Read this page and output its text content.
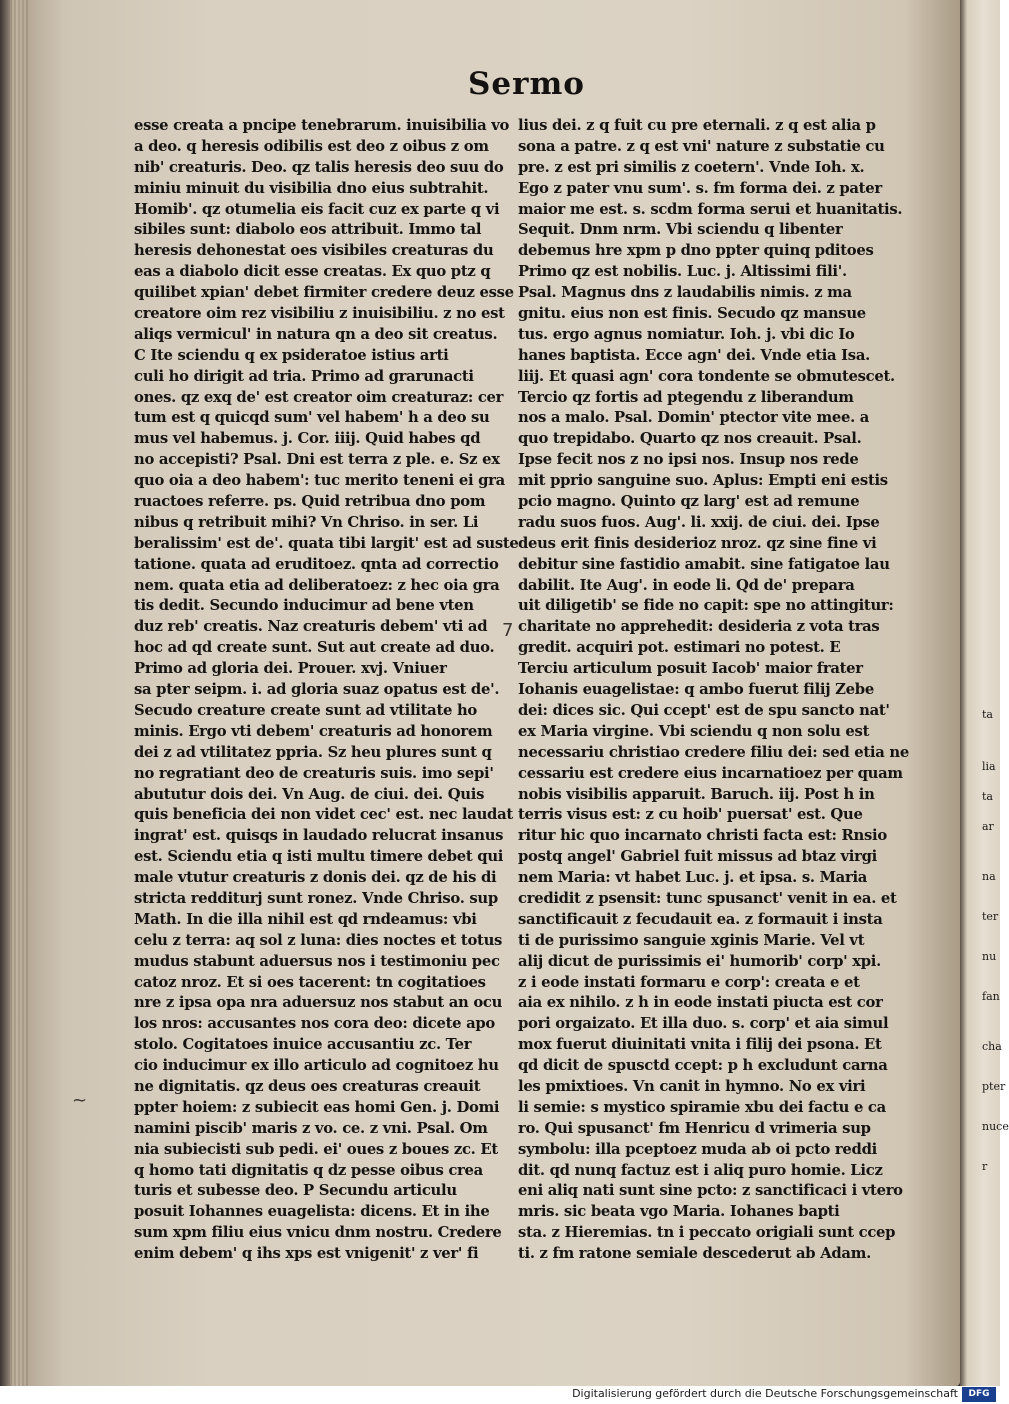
ta
lia
ta
ar
na
ter
nu
fan
cha
pter
nuce
r
Sermo
esse creata a pncipe tenebrarum. inuisibilia vo
a deo. q heresis odibilis est deo z oibus z om
nib' creaturis. Deo. qz talis heresis deo suu do
miniu minuit du visibilia dno eius subtrahit.
Homib'. qz otumelia eis facit cuz ex parte q vi
sibiles sunt: diabolo eos attribuit. Immo tal
heresis dehonestat oes visibiles creaturas du
eas a diabolo dicit esse creatas. Ex quo ptz q
quilibet xpian' debet firmiter credere deuz esse
creatore oim rez visibiliu z inuisibiliu. z no est
aliqs vermicul' in natura qn a deo sit creatus.
C Ite sciendu q ex psideratoe istius arti
culi ho dirigit ad tria. Primo ad grarunacti
ones. qz exq de' est creator oim creaturaz: cer
tum est q quicqd sum' vel habem' h a deo su
mus vel habemus. j. Cor. iiij. Quid habes qd
no accepisti? Psal. Dni est terra z ple. e. Sz ex
quo oia a deo habem': tuc merito teneni ei gra
ruactoes referre. ps. Quid retribua dno pom
nibus q retribuit mihi? Vn Chriso. in ser. Li
beralissim' est de'. quata tibi largit' est ad suste
tatione. quata ad eruditoez. qnta ad correctio
nem. quata etia ad deliberatoez: z hec oia gra
tis dedit. Secundo inducimur ad bene vten
duz reb' creatis. Naz creaturis debem' vti ad
hoc ad qd create sunt. Sut aut create ad duo.
Primo ad gloria dei. Prouer. xvj. Vniuer
sa pter seipm. i. ad gloria suaz opatus est de'.
Secudo creature create sunt ad vtilitate ho
minis. Ergo vti debem' creaturis ad honorem
dei z ad vtilitatez ppria. Sz heu plures sunt q
no regratiant deo de creaturis suis. imo sepi'
abututur dois dei. Vn Aug. de ciui. dei. Quis
quis beneficia dei non videt cec' est. nec laudat
ingrat' est. quisqs in laudado relucrat insanus
est. Sciendu etia q isti multu timere debet qui
male vtutur creaturis z donis dei. qz de his di
stricta redditurj sunt ronez. Vnde Chriso. sup
Math. In die illa nihil est qd rndeamus: vbi
celu z terra: aq sol z luna: dies noctes et totus
mudus stabunt aduersus nos i testimoniu pec
catoz nroz. Et si oes tacerent: tn cogitatioes
nre z ipsa opa nra aduersuz nos stabut an ocu
los nros: accusantes nos cora deo: dicete apo
stolo. Cogitatoes inuice accusantiu zc. Ter
cio inducimur ex illo articulo ad cognitoez hu
ne dignitatis. qz deus oes creaturas creauit
ppter hoiem: z subiecit eas homi Gen. j. Domi
namini piscib' maris z vo. ce. z vni. Psal. Om
nia subiecisti sub pedi. ei' oues z boues zc. Et
q homo tati dignitatis q dz pesse oibus crea
turis et subesse deo. P Secundu articulu
posuit Iohannes euagelista: dicens. Et in ihe
sum xpm filiu eius vnicu dnm nostru. Credere
enim debem' q ihs xps est vnigenit' z ver' fi
lius dei. z q fuit cu pre eternali. z q est alia p
sona a patre. z q est vni' nature z substatie cu
pre. z est pri similis z coetern'. Vnde Ioh. x.
Ego z pater vnu sum'. s. fm forma dei. z pater
maior me est. s. scdm forma serui et huanitatis.
Sequit. Dnm nrm. Vbi sciendu q libenter
debemus hre xpm p dno ppter quinq pditoes
Primo qz est nobilis. Luc. j. Altissimi fili'.
Psal. Magnus dns z laudabilis nimis. z ma
gnitu. eius non est finis. Secudo qz mansue
tus. ergo agnus nomiatur. Ioh. j. vbi dic Io
hanes baptista. Ecce agn' dei. Vnde etia Isa.
liij. Et quasi agn' cora tondente se obmutescet.
Tercio qz fortis ad ptegendu z liberandum
nos a malo. Psal. Domin' ptector vite mee. a
quo trepidabo. Quarto qz nos creauit. Psal.
Ipse fecit nos z no ipsi nos. Insup nos rede
mit pprio sanguine suo. Aplus: Empti eni estis
pcio magno. Quinto qz larg' est ad remune
radu suos fuos. Aug'. li. xxij. de ciui. dei. Ipse
deus erit finis desiderioz nroz. qz sine fine vi
debitur sine fastidio amabit. sine fatigatoe lau
dabilit. Ite Aug'. in eode li. Qd de' prepara
uit diligetib' se fide no capit: spe no attingitur:
charitate no apprehedit: desideria z vota tras
gredit. acquiri pot. estimari no potest. E
Terciu articulum posuit Iacob' maior frater
Iohanis euagelistae: q ambo fuerut filij Zebe
dei: dices sic. Qui ccept' est de spu sancto nat'
ex Maria virgine. Vbi sciendu q non solu est
necessariu christiao credere filiu dei: sed etia ne
cessariu est credere eius incarnatioez per quam
nobis visibilis apparuit. Baruch. iij. Post h in
terris visus est: z cu hoib' puersat' est. Que
ritur hic quo incarnato christi facta est: Rnsio
postq angel' Gabriel fuit missus ad btaz virgi
nem Maria: vt habet Luc. j. et ipsa. s. Maria
credidit z psensit: tunc spusanct' venit in ea. et
sanctificauit z fecudauit ea. z formauit i insta
ti de purissimo sanguie xginis Marie. Vel vt
alij dicut de purissimis ei' humorib' corp' xpi.
z i eode instati formaru e corp': creata e et
aia ex nihilo. z h in eode instati piucta est cor
pori orgaizato. Et illa duo. s. corp' et aia simul
mox fuerut diuinitati vnita i filij dei psona. Et
qd dicit de spusctd ccept: p h excludunt carna
les pmixtioes. Vn canit in hymno. No ex viri
li semie: s mystico spiramie xbu dei factu e ca
ro. Qui spusanct' fm Henricu d vrimeria sup
symbolu: illa pceptoez muda ab oi pcto reddi
dit. qd nunq factuz est i aliq puro homie. Licz
eni aliq nati sunt sine pcto: z sanctificaci i vtero
mris. sic beata vgo Maria. Iohanes bapti
sta. z Hieremias. tn i peccato origiali sunt ccep
ti. z fm ratone semiale descederut ab Adam.
7
~
Digitalisierung gefördert durch die Deutsche Forschungsgemeinschaft	DFG
